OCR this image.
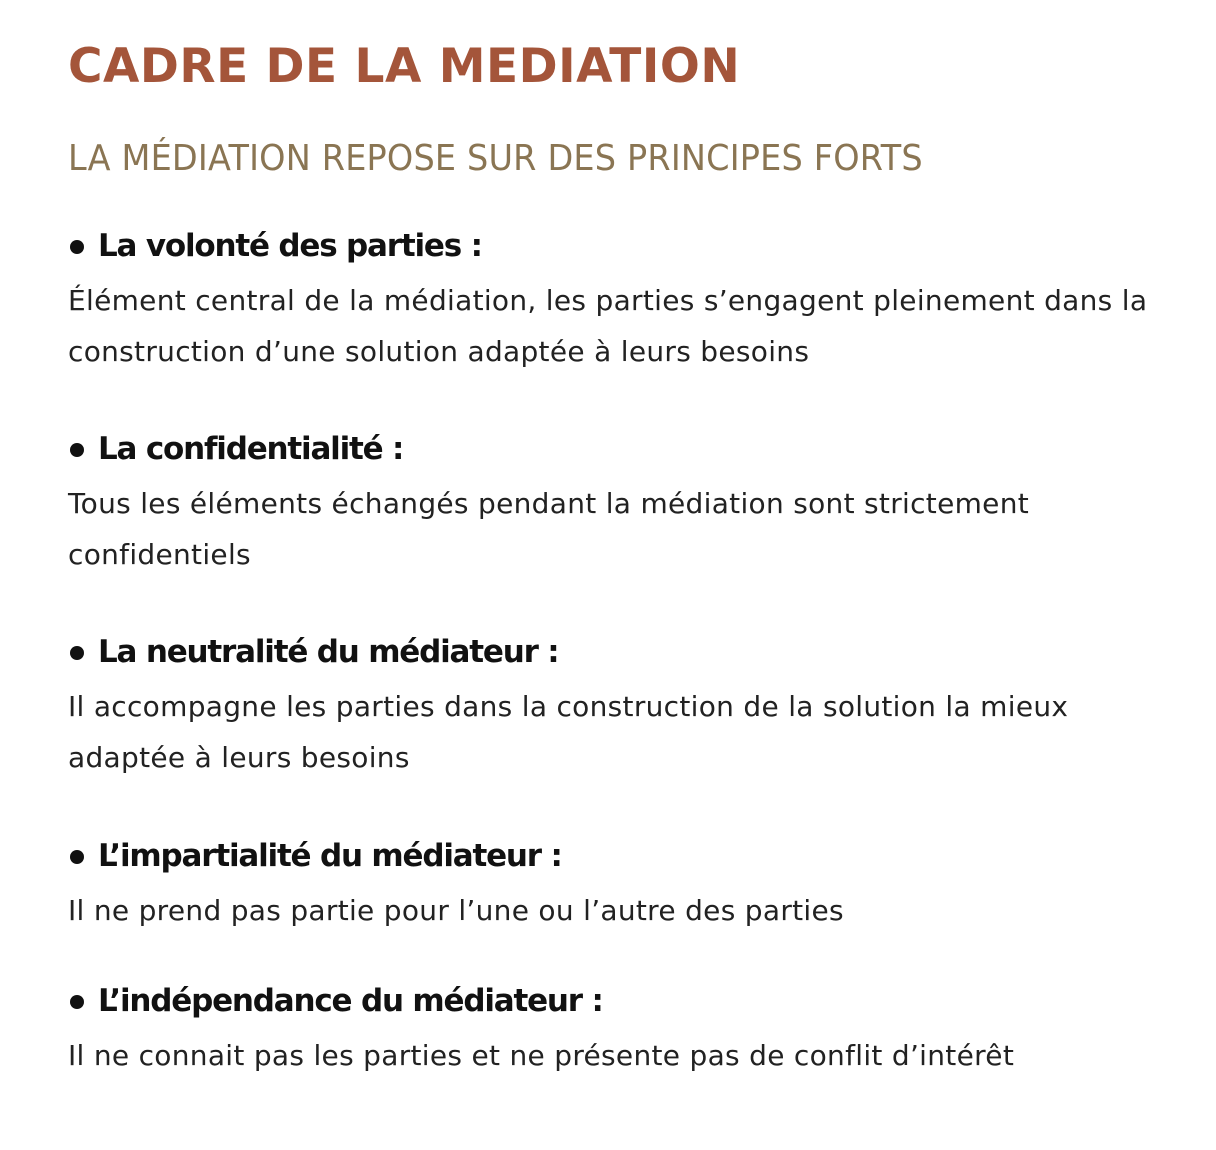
CADRE DE LA MEDIATION
LA MÉDIATION REPOSE SUR DES PRINCIPES FORTS

La volonté des parties :

Élément central de la médiation, les parties s’engagent pleinement dans la construction d’une solution adaptée à leurs besoins

La confidentialité :

Tous les éléments échangés pendant la médiation sont strictement confidentiels

La neutralité du médiateur :

Il accompagne les parties dans la construction de la solution la mieux adaptée à leurs besoins

L’impartialité du médiateur :

Il ne prend pas partie pour l’une ou l’autre des parties

L’indépendance du médiateur :

Il ne connait pas les parties et ne présente pas de conflit d’intérêt
